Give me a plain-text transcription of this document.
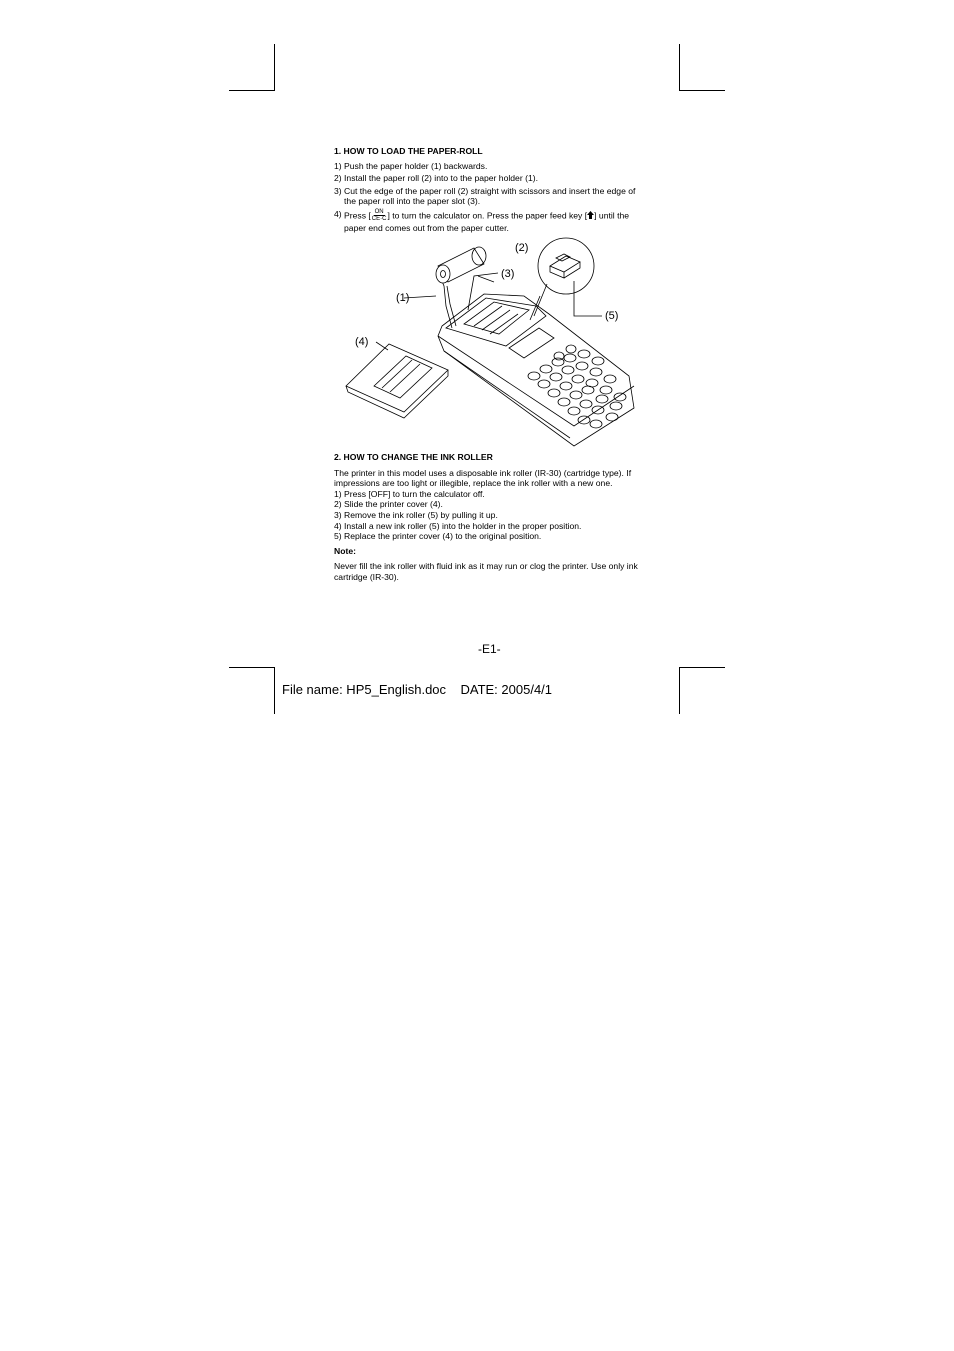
1. HOW TO LOAD THE PAPER-ROLL

1) Push the paper holder (1) backwards.
2) Install the paper roll (2) into to the paper holder (1).
3) Cut the edge of the paper roll (2) straight with scissors and insert the edge of the paper roll into the paper slot (3).
4) Press [ $\frac{ON}{CE\cdot C}$ ] to turn the calculator on. Press the paper feed key [ ] until the paper end comes out from the paper cutter.
(2)
(3)
(1)
(5)
(4)

2. HOW TO CHANGE THE INK ROLLER

The printer in this model uses a disposable ink roller (IR-30) (cartridge type). If impressions are too light or illegible, replace the ink roller with a new one.

1) Press [OFF] to turn the calculator off.

2) Slide the printer cover (4).

3) Remove the ink roller (5) by pulling it up.

4) Install a new ink roller (5) into the holder in the proper position.

5) Replace the printer cover (4) to the original position.

Note:

Never fill the ink roller with fluid ink as it may run or clog the printer. Use only ink cartridge (IR-30).

-E1-
File name: HP5_English.doc    DATE: 2005/4/1
